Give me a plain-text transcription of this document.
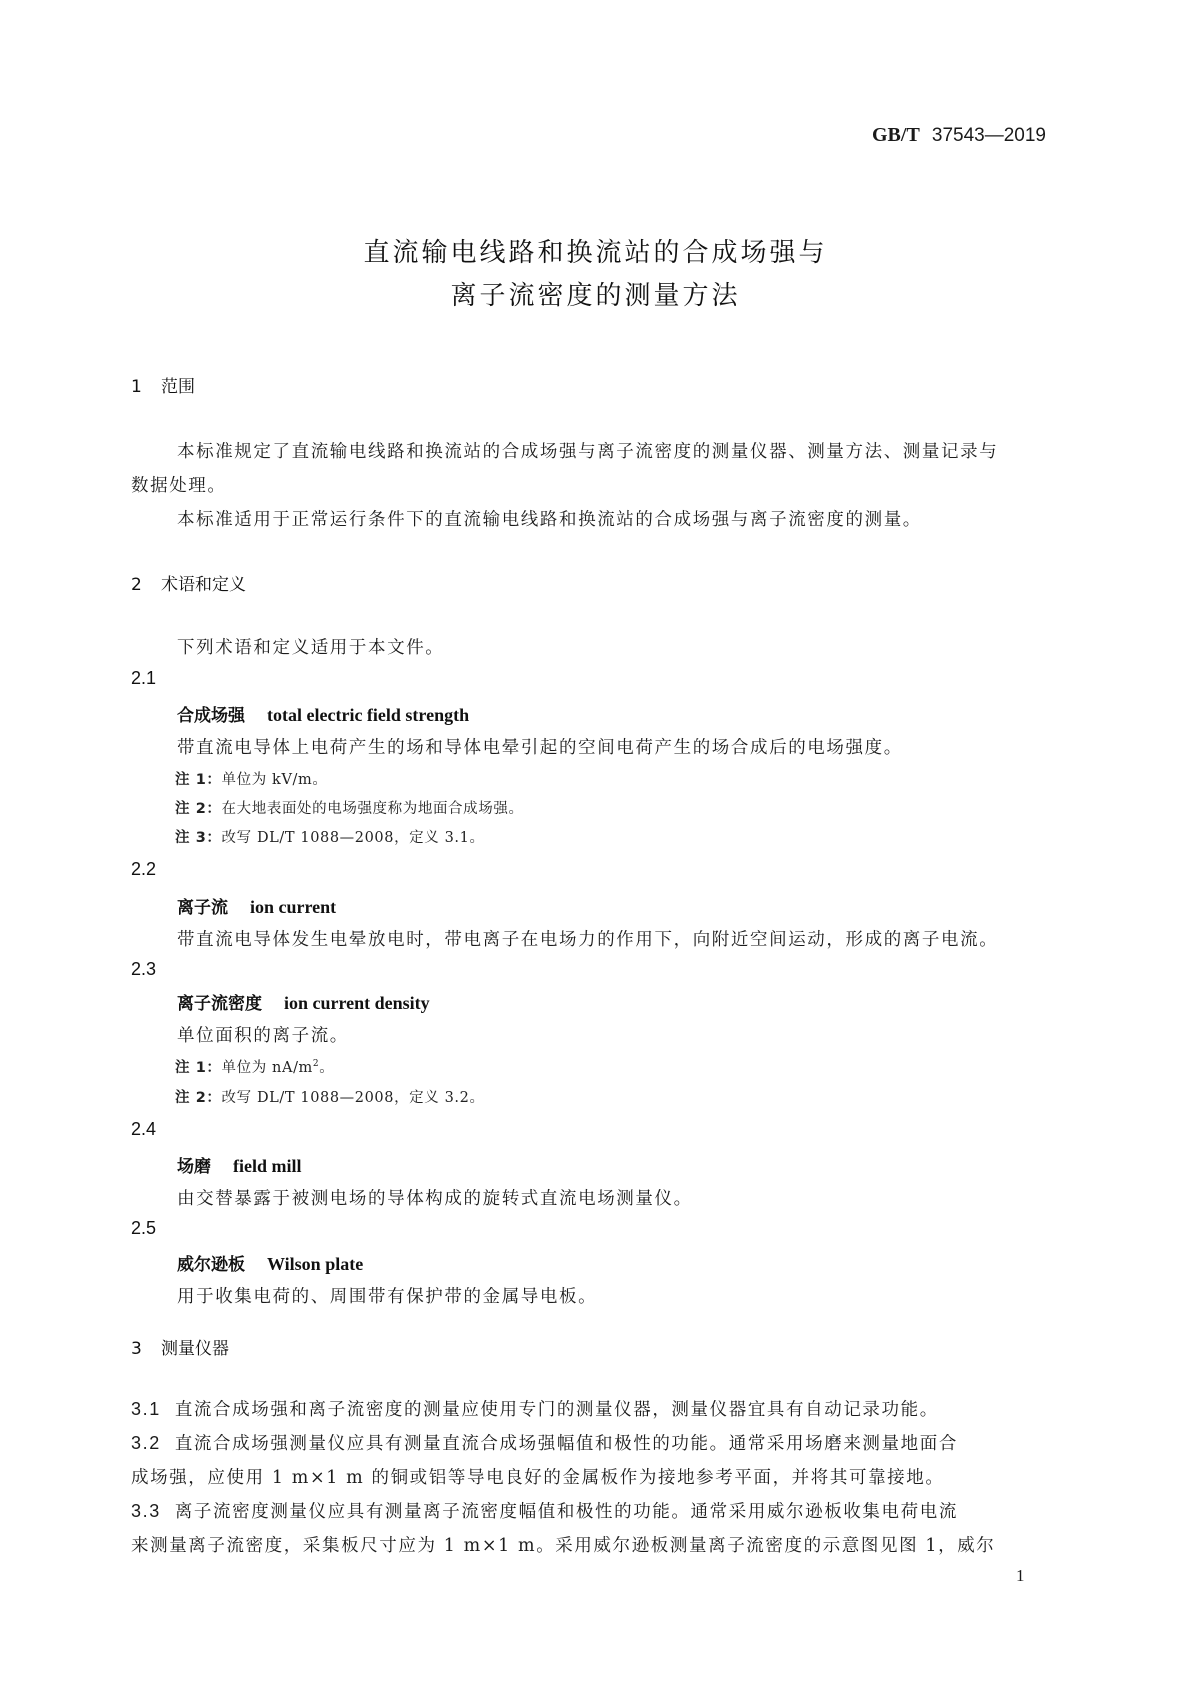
GB/T 37543—2019
直流输电线路和换流站的合成场强与
离子流密度的测量方法
1 范围
本标准规定了直流输电线路和换流站的合成场强与离子流密度的测量仪器、测量方法、测量记录与
数据处理。
本标准适用于正常运行条件下的直流输电线路和换流站的合成场强与离子流密度的测量。
2 术语和定义
下列术语和定义适用于本文件。
2.1
合成场强 total electric field strength
带直流电导体上电荷产生的场和导体电晕引起的空间电荷产生的场合成后的电场强度。
注 1：单位为 kV/m。
注 2：在大地表面处的电场强度称为地面合成场强。
注 3：改写 DL/T 1088—2008，定义 3.1。
2.2
离子流 ion current
带直流电导体发生电晕放电时，带电离子在电场力的作用下，向附近空间运动，形成的离子电流。
2.3
离子流密度 ion current density
单位面积的离子流。
注 1：单位为 $nA/m^2$。
注 2：改写 DL/T 1088—2008，定义 3.2。
2.4
场磨 field mill
由交替暴露于被测电场的导体构成的旋转式直流电场测量仪。
2.5
威尔逊板 Wilson plate
用于收集电荷的、周围带有保护带的金属导电板。
3 测量仪器
3.1 直流合成场强和离子流密度的测量应使用专门的测量仪器，测量仪器宜具有自动记录功能。
3.2 直流合成场强测量仪应具有测量直流合成场强幅值和极性的功能。通常采用场磨来测量地面合
成场强，应使用 1 m×1 m 的铜或铝等导电良好的金属板作为接地参考平面，并将其可靠接地。
3.3 离子流密度测量仪应具有测量离子流密度幅值和极性的功能。通常采用威尔逊板收集电荷电流
来测量离子流密度，采集板尺寸应为 1 m×1 m。采用威尔逊板测量离子流密度的示意图见图 1，威尔
1
